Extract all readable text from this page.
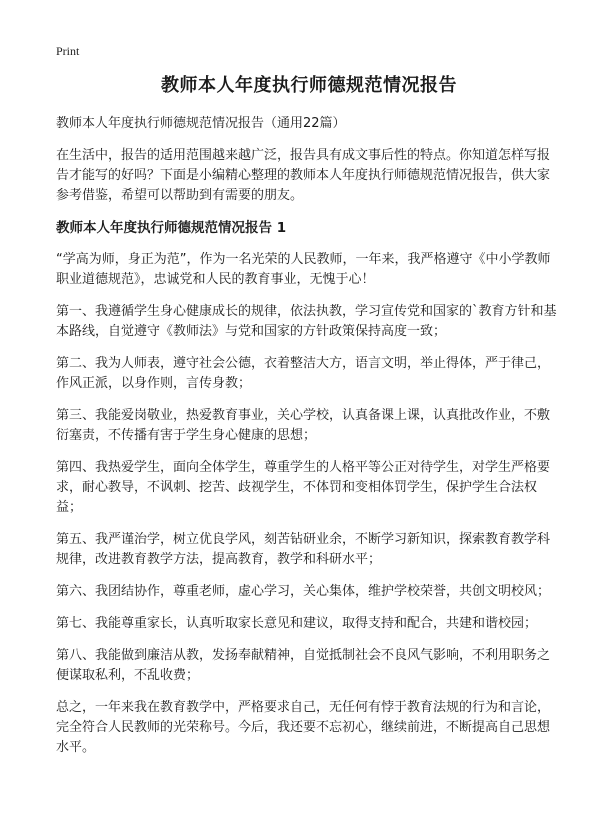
Print
教师本人年度执行师德规范情况报告
教师本人年度执行师德规范情况报告（通用22篇）
在生活中，报告的适用范围越来越广泛，报告具有成文事后性的特点。你知道怎样写报告才能写的好吗？下面是小编精心整理的教师本人年度执行师德规范情况报告，供大家参考借鉴，希望可以帮助到有需要的朋友。
教师本人年度执行师德规范情况报告 1
“学高为师，身正为范”，作为一名光荣的人民教师，一年来，我严格遵守《中小学教师职业道德规范》，忠诚党和人民的教育事业，无愧于心！
第一、我遵循学生身心健康成长的规律，依法执教，学习宣传党和国家的`教育方针和基本路线，自觉遵守《教师法》与党和国家的方针政策保持高度一致；
第二、我为人师表，遵守社会公德，衣着整洁大方，语言文明，举止得体，严于律己，作风正派，以身作则，言传身教；
第三、我能爱岗敬业，热爱教育事业，关心学校，认真备课上课，认真批改作业，不敷衍塞责，不传播有害于学生身心健康的思想；
第四、我热爱学生，面向全体学生，尊重学生的人格平等公正对待学生，对学生严格要求，耐心教导，不讽刺、挖苦、歧视学生，不体罚和变相体罚学生，保护学生合法权益；
第五、我严谨治学，树立优良学风，刻苦钻研业余，不断学习新知识，探索教育教学科规律，改进教育教学方法，提高教育，教学和科研水平；
第六、我团结协作，尊重老师，虚心学习，关心集体，维护学校荣誉，共创文明校风；
第七、我能尊重家长，认真听取家长意见和建议，取得支持和配合，共建和谐校园；
第八、我能做到廉洁从教，发扬奉献精神，自觉抵制社会不良风气影响，不利用职务之便谋取私利，不乱收费；
总之，一年来我在教育教学中，严格要求自己，无任何有悖于教育法规的行为和言论，完全符合人民教师的光荣称号。今后，我还要不忘初心，继续前进，不断提高自己思想水平。
